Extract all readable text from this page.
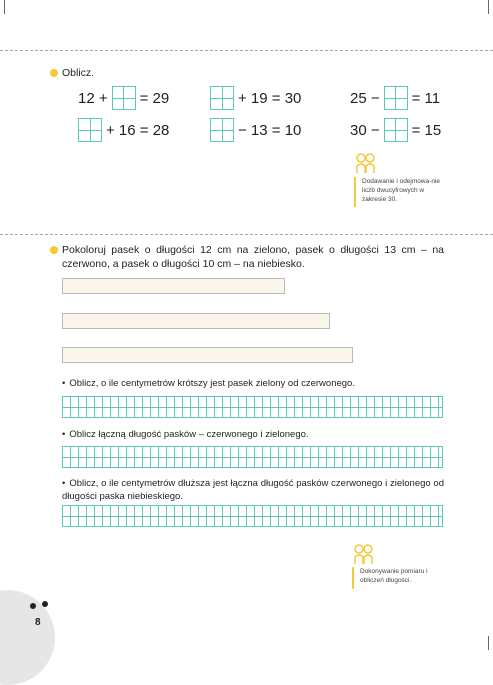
Oblicz.
12 + = 29	+ 19 = 30	25 − = 11
+ 16 = 28	− 13 = 10	30 − = 15
Dodawanie i odejmowa-nie liczb dwucyfrowych w zakresie 30.
Pokoloruj pasek o długości 12 cm na zielono, pasek o długości 13 cm – na czerwono, a pasek o długości 10 cm – na niebiesko.
• Oblicz, o ile centymetrów krótszy jest pasek zielony od czerwonego.
• Oblicz łączną długość pasków – czerwonego i zielonego.
• Oblicz, o ile centymetrów dłuższa jest łączna długość pasków czerwonego i zielonego od długości paska niebieskiego.
Dokonywanie pomiaru i obliczeń długości.
8
